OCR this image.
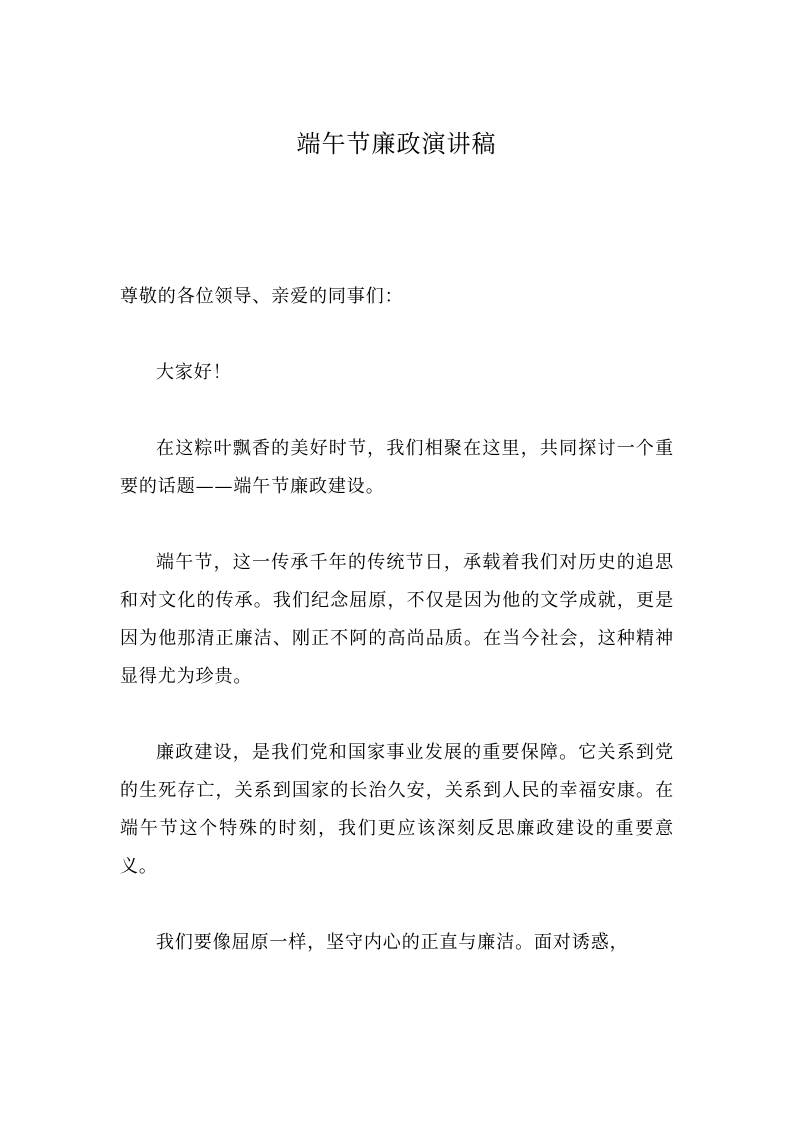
端午节廉政演讲稿

尊敬的各位领导、亲爱的同事们：

大家好！

在这粽叶飘香的美好时节，我们相聚在这里，共同探讨一个重要的话题——端午节廉政建设。

端午节，这一传承千年的传统节日，承载着我们对历史的追思和对文化的传承。我们纪念屈原，不仅是因为他的文学成就，更是因为他那清正廉洁、刚正不阿的高尚品质。在当今社会，这种精神显得尤为珍贵。

廉政建设，是我们党和国家事业发展的重要保障。它关系到党的生死存亡，关系到国家的长治久安，关系到人民的幸福安康。在端午节这个特殊的时刻，我们更应该深刻反思廉政建设的重要意义。

我们要像屈原一样，坚守内心的正直与廉洁。面对诱惑，
